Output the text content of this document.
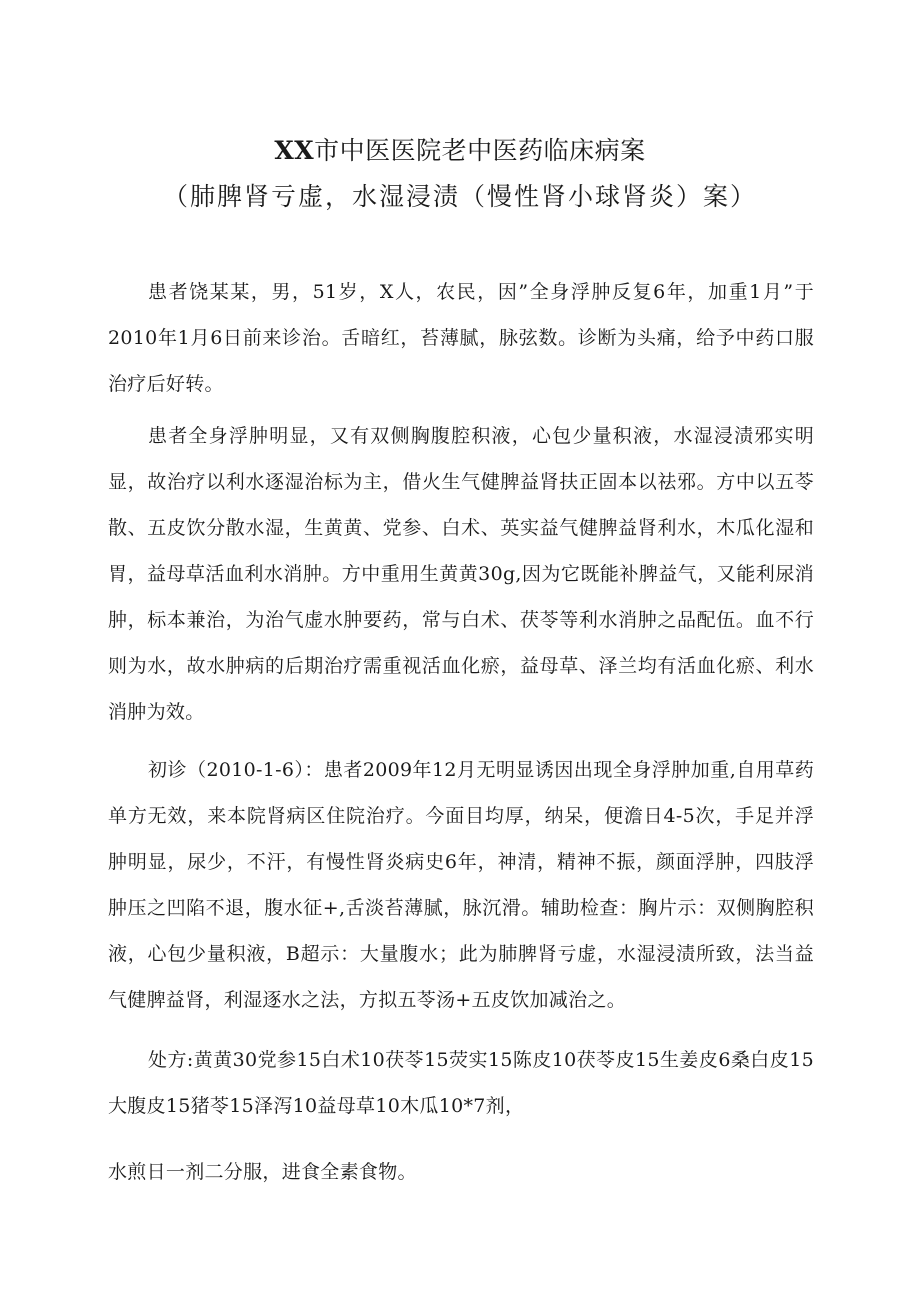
XX市中医医院老中医药临床病案
（肺脾肾亏虚，水湿浸渍（慢性肾小球肾炎）案）

患者饶某某，男，51岁，X人，农民，因”全身浮肿反复6年，加重1月”于2010年1月6日前来诊治。舌暗红，苔薄腻，脉弦数。诊断为头痛，给予中药口服治疗后好转。

患者全身浮肿明显，又有双侧胸腹腔积液，心包少量积液，水湿浸渍邪实明显，故治疗以利水逐湿治标为主，借火生气健脾益肾扶正固本以祛邪。方中以五苓散、五皮饮分散水湿，生黄黄、党参、白术、英实益气健脾益肾利水，木瓜化湿和胃，益母草活血利水消肿。方中重用生黄黄30g,因为它既能补脾益气，又能利尿消肿，标本兼治，为治气虚水肿要药，常与白术、茯苓等利水消肿之品配伍。血不行则为水，故水肿病的后期治疗需重视活血化瘀，益母草、泽兰均有活血化瘀、利水消肿为效。

初诊（2010-1-6）：患者2009年12月无明显诱因出现全身浮肿加重,自用草药单方无效，来本院肾病区住院治疗。今面目均厚，纳呆，便澹日4-5次，手足并浮肿明显，尿少，不汗，有慢性肾炎病史6年，神清，精神不振，颜面浮肿，四肢浮肿压之凹陷不退，腹水征+,舌淡苔薄腻，脉沉滑。辅助检查：胸片示：双侧胸腔积液，心包少量积液，B超示：大量腹水；此为肺脾肾亏虚，水湿浸渍所致，法当益气健脾益肾，利湿逐水之法，方拟五苓汤+五皮饮加减治之。

处方:黄黄30党参15白术10茯苓15荧实15陈皮10茯苓皮15生姜皮6桑白皮15大腹皮15猪苓15泽泻10益母草10木瓜10*7剂，

水煎日一剂二分服，进食全素食物。
